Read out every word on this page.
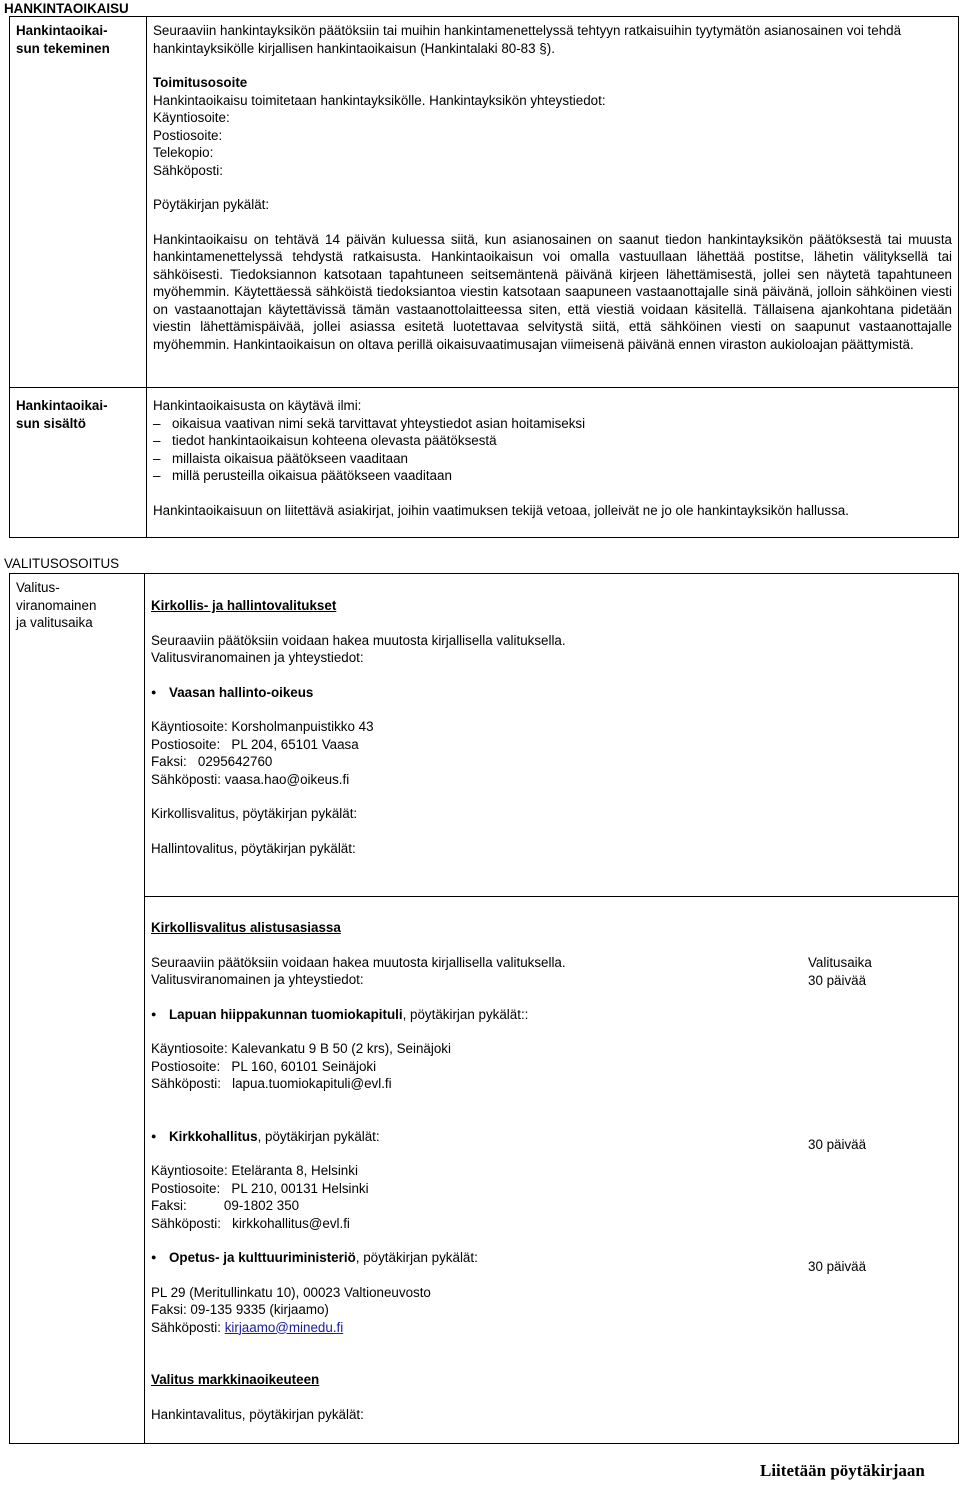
HANKINTAOIKAISU
Hankintaoikai-
sun tekeminen

Seuraaviin hankintayksikön päätöksiin tai muihin hankintamenettelyssä tehtyyn ratkaisuihin tyytymätön asianosainen voi tehdä hankintayksikölle kirjallisen hankintaoikaisun (Hankintalaki 80-83 §).

Toimitusosoite
Hankintaoikaisu toimitetaan hankintayksikölle. Hankintayksikön yhteystiedot:
Käyntiosoite:
Postiosoite:
Telekopio:
Sähköposti:
Pöytäkirjan pykälät:

Hankintaoikaisu on tehtävä 14 päivän kuluessa siitä, kun asianosainen on saanut tiedon hankintayksikön päätöksestä tai muusta hankintamenettelyssä tehdystä ratkaisusta. Hankintaoikaisun voi omalla vastuullaan lähettää postitse, lähetin välityksellä tai sähköisesti. Tiedoksiannon katsotaan tapahtuneen seitsemäntenä päivänä kirjeen lähettämisestä, jollei sen näytetä tapahtuneen myöhemmin. Käytettäessä sähköistä tiedoksiantoa viestin katsotaan saapuneen vastaanottajalle sinä päivänä, jolloin sähköinen viesti on vastaanottajan käytettävissä tämän vastaanottolaitteessa siten, että viestiä voidaan käsitellä. Tällaisena ajankohtana pidetään viestin lähettämispäivää, jollei asiassa esitetä luotettavaa selvitystä siitä, että sähköinen viesti on saapunut vastaanottajalle myöhemmin. Hankintaoikaisun on oltava perillä oikaisuvaatimusajan viimeisenä päivänä ennen viraston aukioloajan päättymistä.

Hankintaoikai-
sun sisältö
Hankintaoikaisusta on käytävä ilmi:
– oikaisua vaativan nimi sekä tarvittavat yhteystiedot asian hoitamiseksi
– tiedot hankintaoikaisun kohteena olevasta päätöksestä
– millaista oikaisua päätökseen vaaditaan
– millä perusteilla oikaisua päätökseen vaaditaan
Hankintaoikaisuun on liitettävä asiakirjat, joihin vaatimuksen tekijä vetoaa, jolleivät ne jo ole hankintayksikön hallussa.
VALITUSOSOITUS
Valitus-
viranomainen
ja valitusaika
Kirkollis- ja hallintovalitukset
Seuraaviin päätöksiin voidaan hakea muutosta kirjallisella valituksella.
Valitusviranomainen ja yhteystiedot:
● Vaasan hallinto-oikeus
Käyntiosoite: Korsholmanpuistikko 43
Postiosoite:   PL 204, 65101 Vaasa
Faksi:   0295642760
Sähköposti: vaasa.hao@oikeus.fi
Kirkollisvalitus, pöytäkirjan pykälät:
Hallintovalitus, pöytäkirjan pykälät:
Kirkollisvalitus alistusasiassa
Seuraaviin päätöksiin voidaan hakea muutosta kirjallisella valituksella.
Valitusviranomainen ja yhteystiedot:
● Lapuan hiippakunnan tuomiokapituli, pöytäkirjan pykälät::
Käyntiosoite: Kalevankatu 9 B 50 (2 krs), Seinäjoki
Postiosoite:   PL 160, 60101 Seinäjoki
Sähköposti:   lapua.tuomiokapituli@evl.fi
● Kirkkohallitus, pöytäkirjan pykälät:
Käyntiosoite: Eteläranta 8, Helsinki
Postiosoite:   PL 210, 00131 Helsinki
Faksi:          09-1802 350
Sähköposti:   kirkkohallitus@evl.fi
● Opetus- ja kulttuuriministeriö, pöytäkirjan pykälät:
PL 29 (Meritullinkatu 10), 00023 Valtioneuvosto
Faksi: 09-135 9335 (kirjaamo)
Sähköposti: kirjaamo@minedu.fi
Valitus markkinaoikeuteen
Hankintavalitus, pöytäkirjan pykälät:
Valitusaika
30 päivää
30 päivää
30 päivää
Liitetään pöytäkirjaan
